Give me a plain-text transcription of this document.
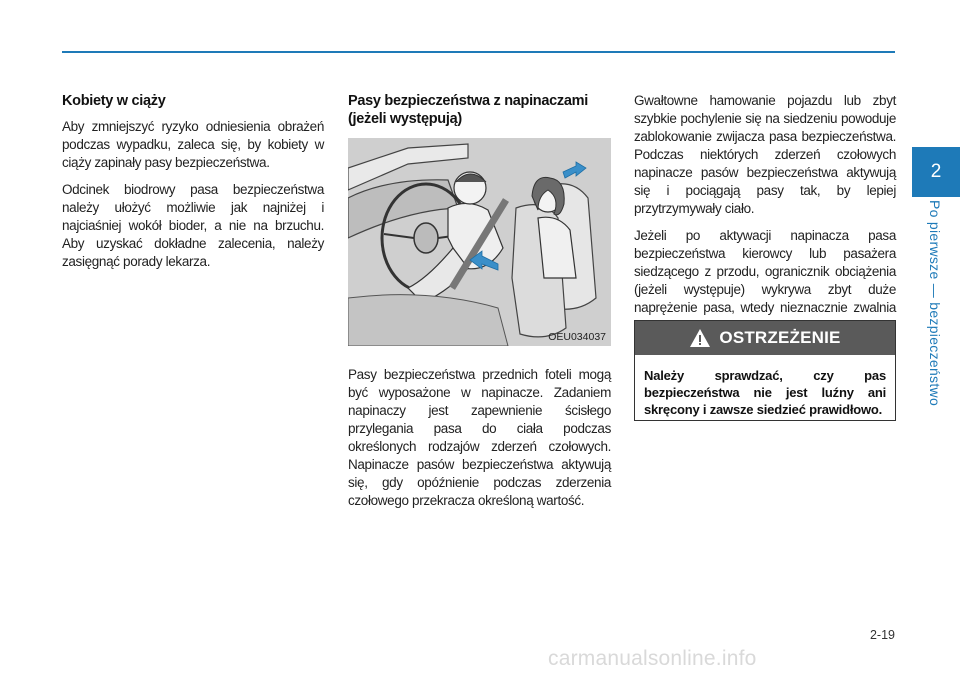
Kobiety w ciąży

Aby zmniejszyć ryzyko odniesienia obrażeń podczas wypadku, zaleca się, by kobiety w ciąży zapinały pasy bezpieczeństwa.

Odcinek biodrowy pasa bezpieczeństwa należy ułożyć możliwie jak najniżej i najciaśniej wokół bioder, a nie na brzuchu. Aby uzyskać dokładne zalecenia, należy zasięgnąć porady lekarza.

Pasy bezpieczeństwa z napinaczami (jeżeli występują)
OEU034037

Pasy bezpieczeństwa przednich foteli mogą być wyposażone w napinacze. Zadaniem napinaczy jest zapewnienie ścisłego przylegania pasa do ciała podczas określonych rodzajów zderzeń czołowych. Napinacze pasów bezpieczeństwa aktywują się, gdy opóźnienie podczas zderzenia czołowego przekracza określoną wartość.

Gwałtowne hamowanie pojazdu lub zbyt szybkie pochylenie się na siedzeniu powoduje zablokowanie zwijacza pasa bezpieczeństwa. Podczas niektórych zderzeń czołowych napinacze pasów bezpieczeństwa aktywują się i pociągają pasy tak, by lepiej przytrzymywały ciało.

Jeżeli po aktywacji napinacza pasa bezpieczeństwa kierowcy lub pasażera siedzącego z przodu, ogranicznik obciążenia (jeżeli występuje) wykrywa zbyt duże naprężenie pasa, wtedy nieznacznie zwalnia

OSTRZEŻENIE
Należy sprawdzać, czy pas bezpieczeństwa nie jest luźny ani skręcony i zawsze siedzieć prawidłowo.
2
Po pierwsze — bezpieczeństwo
2-19
carmanualsonline.info
